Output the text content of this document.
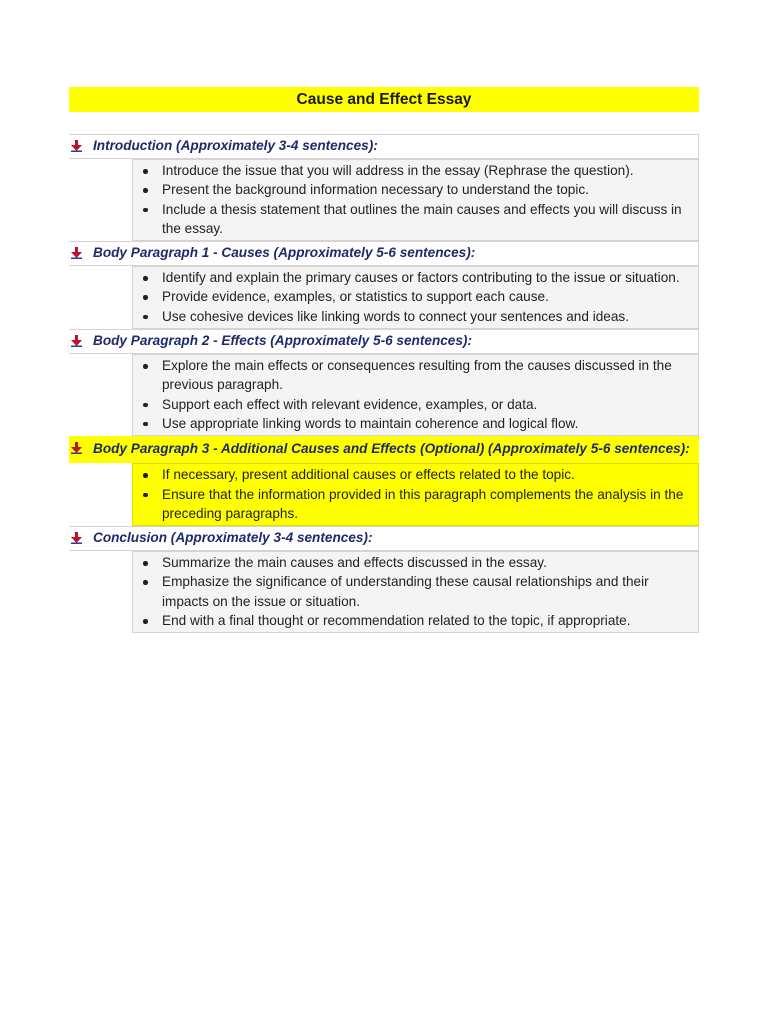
Cause and Effect Essay
Introduction (Approximately 3-4 sentences):
Introduce the issue that you will address in the essay (Rephrase the question).
Present the background information necessary to understand the topic.
Include a thesis statement that outlines the main causes and effects you will discuss in the essay.
Body Paragraph 1 - Causes (Approximately 5-6 sentences):
Identify and explain the primary causes or factors contributing to the issue or situation.
Provide evidence, examples, or statistics to support each cause.
Use cohesive devices like linking words to connect your sentences and ideas.
Body Paragraph 2 - Effects (Approximately 5-6 sentences):
Explore the main effects or consequences resulting from the causes discussed in the previous paragraph.
Support each effect with relevant evidence, examples, or data.
Use appropriate linking words to maintain coherence and logical flow.
Body Paragraph 3 - Additional Causes and Effects (Optional) (Approximately 5-6 sentences):
If necessary, present additional causes or effects related to the topic.
Ensure that the information provided in this paragraph complements the analysis in the preceding paragraphs.
Conclusion (Approximately 3-4 sentences):
Summarize the main causes and effects discussed in the essay.
Emphasize the significance of understanding these causal relationships and their impacts on the issue or situation.
End with a final thought or recommendation related to the topic, if appropriate.
